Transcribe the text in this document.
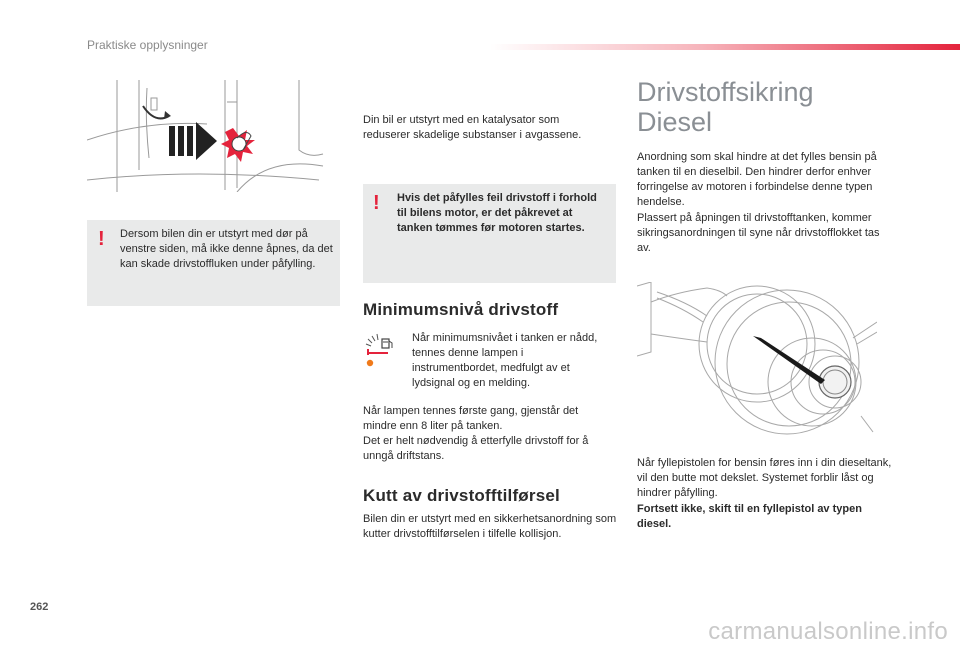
Praktiske opplysninger
! Dersom bilen din er utstyrt med dør på venstre siden, må ikke denne åpnes, da det kan skade drivstoffluken under påfylling.

Din bil er utstyrt med en katalysator som reduserer skadelige substanser i avgassene.

! Hvis det påfylles feil drivstoff i forhold til bilens motor, er det påkrevet at tanken tømmes før motoren startes.

Minimumsnivå drivstoff

Når minimumsnivået i tanken er nådd, tennes denne lampen i instrumentbordet, medfulgt av et lydsignal og en melding.

Når lampen tennes første gang, gjenstår det mindre enn 8 liter på tanken.

Det er helt nødvendig å etterfylle drivstoff for å unngå driftstans.

Kutt av drivstofftilførsel

Bilen din er utstyrt med en sikkerhetsanordning som kutter drivstofftilførselen i tilfelle kollisjon.

Drivstoffsikring
Diesel

Anordning som skal hindre at det fylles bensin på tanken til en dieselbil. Den hindrer derfor enhver forringelse av motoren i forbindelse denne typen hendelse.

Plassert på åpningen til drivstofftanken, kommer sikringsanordningen til syne når drivstofflokket tas av.

Når fyllepistolen for bensin føres inn i din dieseltank, vil den butte mot dekslet. Systemet forblir låst og hindrer påfylling.

Fortsett ikke, skift til en fyllepistol av typen diesel.

262
carmanualsonline.info
